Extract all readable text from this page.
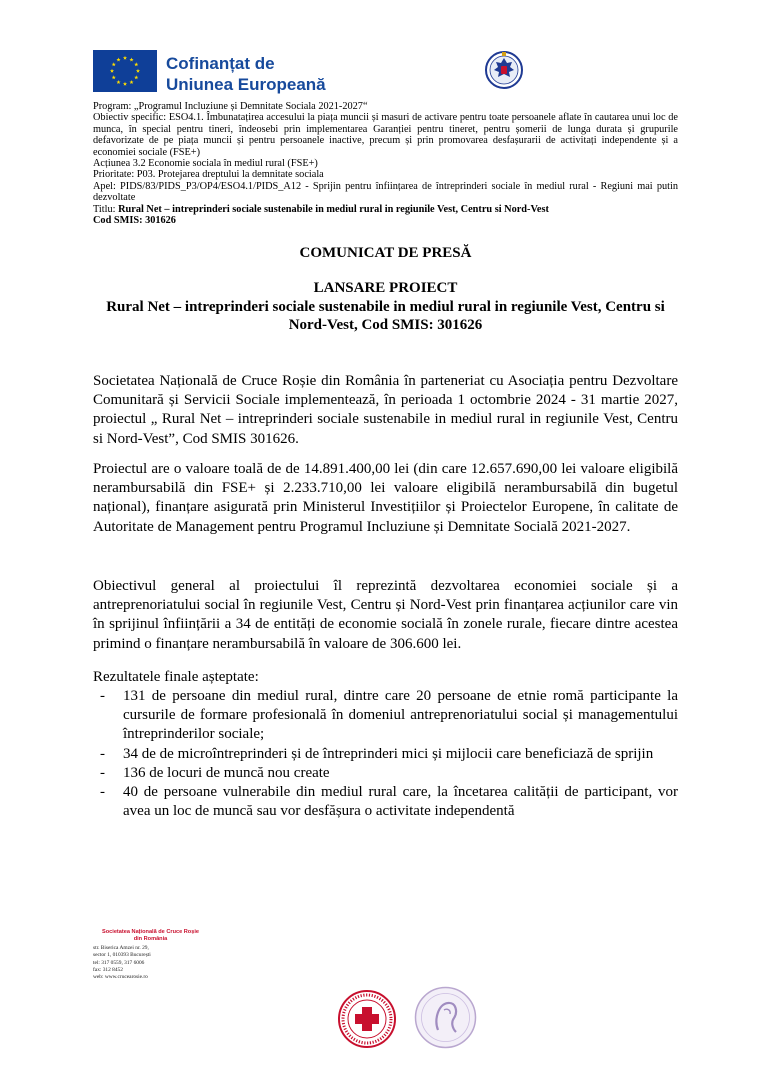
Cofinanțat de
Uniunea Europeană

Program: „Programul Incluziune și Demnitate Sociala 2021-2027“

Obiectiv specific: ESO4.1. Îmbunatațirea accesului la piața muncii și masuri de activare pentru toate persoanele aflate în cautarea unui loc de munca, în special pentru tineri, îndeosebi prin implementarea Garanției pentru tineret, pentru șomerii de lunga durata și grupurile defavorizate de pe piața muncii și pentru persoanele inactive, precum și prin promovarea desfașurarii de activitați independente și a economiei sociale (FSE+)

Acțiunea 3.2 Economie sociala în mediul rural (FSE+)

Prioritate: P03. Protejarea dreptului la demnitate sociala

Apel: PIDS/83/PIDS_P3/OP4/ESO4.1/PIDS_A12 - Sprijin pentru înființarea de întreprinderi sociale în mediul rural - Regiuni mai putin dezvoltate

Titlu: Rural Net – intreprinderi sociale sustenabile in mediul rural in regiunile Vest, Centru si Nord-Vest

Cod SMIS: 301626

COMUNICAT DE PRESĂ
LANSARE PROIECT
Rural Net – intreprinderi sociale sustenabile in mediul rural in regiunile Vest, Centru si Nord-Vest, Cod SMIS: 301626

Societatea Națională de Cruce Roșie din România în parteneriat cu Asociația pentru Dezvoltare Comunitară și Servicii Sociale implementează, în perioada 1 octombrie 2024 - 31 martie 2027, proiectul „ Rural Net – intreprinderi sociale sustenabile in mediul rural in regiunile Vest, Centru si Nord-Vest”, Cod SMIS 301626.

Proiectul are o valoare toală de de 14.891.400,00 lei (din care 12.657.690,00 lei valoare eligibilă nerambursabilă din FSE+ și 2.233.710,00 lei valoare eligibilă nerambursabilă din bugetul național), finanțare asigurată prin Ministerul Investițiilor și Proiectelor Europene, în calitate de Autoritate de Management pentru Programul Incluziune și Demnitate Socială 2021-2027.

Obiectivul general al proiectului îl reprezintă dezvoltarea economiei sociale și a antreprenoriatului social în regiunile Vest, Centru și Nord-Vest prin finanțarea acțiunilor care vin în sprijinul înființării a 34 de entități de economie socială în zonele rurale, fiecare dintre acestea primind o finanțare nerambursabilă în valoare de 306.600 lei.

Rezultatele finale așteptate:
- 131 de persoane din mediul rural, dintre care 20 persoane de etnie romă participante la cursurile de formare profesională în domeniul antreprenoriatului social și managementului întreprinderilor sociale;
- 34 de de microîntreprinderi și de întreprinderi mici și mijlocii care beneficiază de sprijin
- 136 de locuri de muncă nou create
- 40 de persoane vulnerabile din mediul rural care, la încetarea calității de participant, vor avea un loc de muncă sau vor desfășura o activitate independentă
Societatea Națională de Cruce Roșie
din România

str. Biserica Amzei nr. 29,

sector 1, 010393 București

tel: 317 0559, 317 6006

fax: 312 8452

web: www.crucearosie.ro
